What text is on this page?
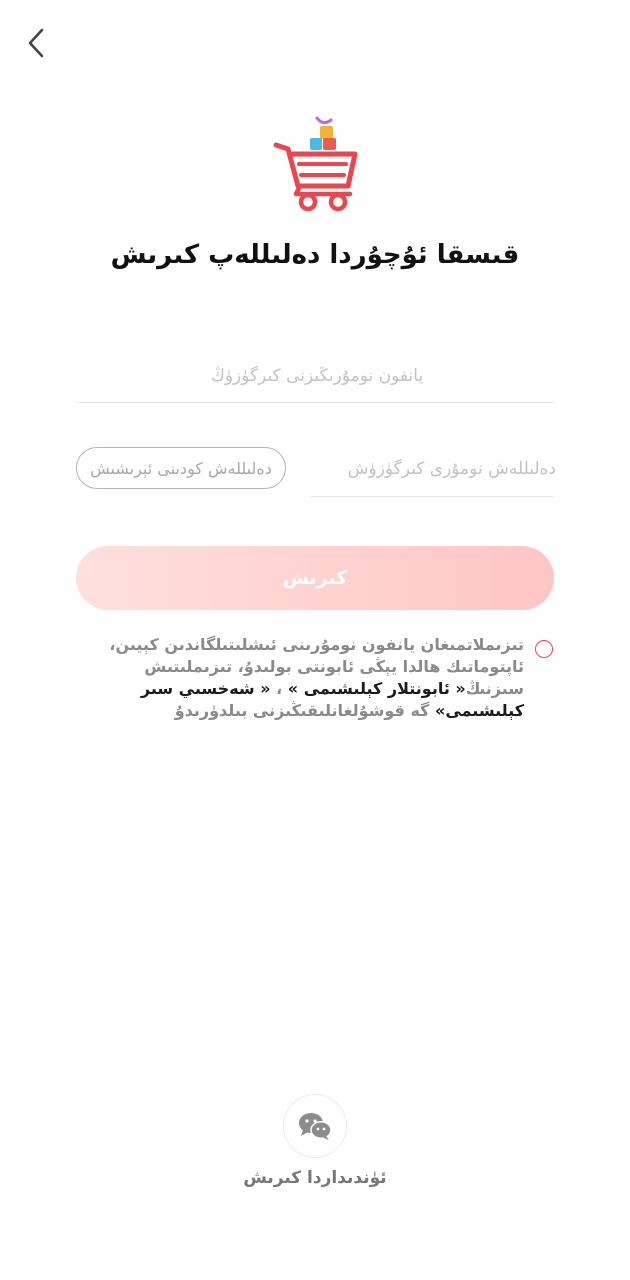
قىسقا ئۇچۇردا دەلىللەپ كىرىش
يانفون نومۇرىڭىزنى كىرگۈزۈڭ
دەلىللەش نومۇرى كىرگۈزۈش
دەلىللەش كودىنى ئېرىشىش
كىرىش
تىزىملاتمىغان يانفون نومۇرىنى ئىشلىتىلگاندىن كېيىن، ئاپتوماتىك ھالدا يېڭى ئابونتى بولىدۇ، تىزىملىتىش سىزنىڭ« ئابونتلار كېلىشىمى » ، « شەخسىي سىر كېلىشىمى» گە قوشۇلغانلىقىڭىزنى بىلدۈرىدۇ
ئۈندىداردا كىرىش
